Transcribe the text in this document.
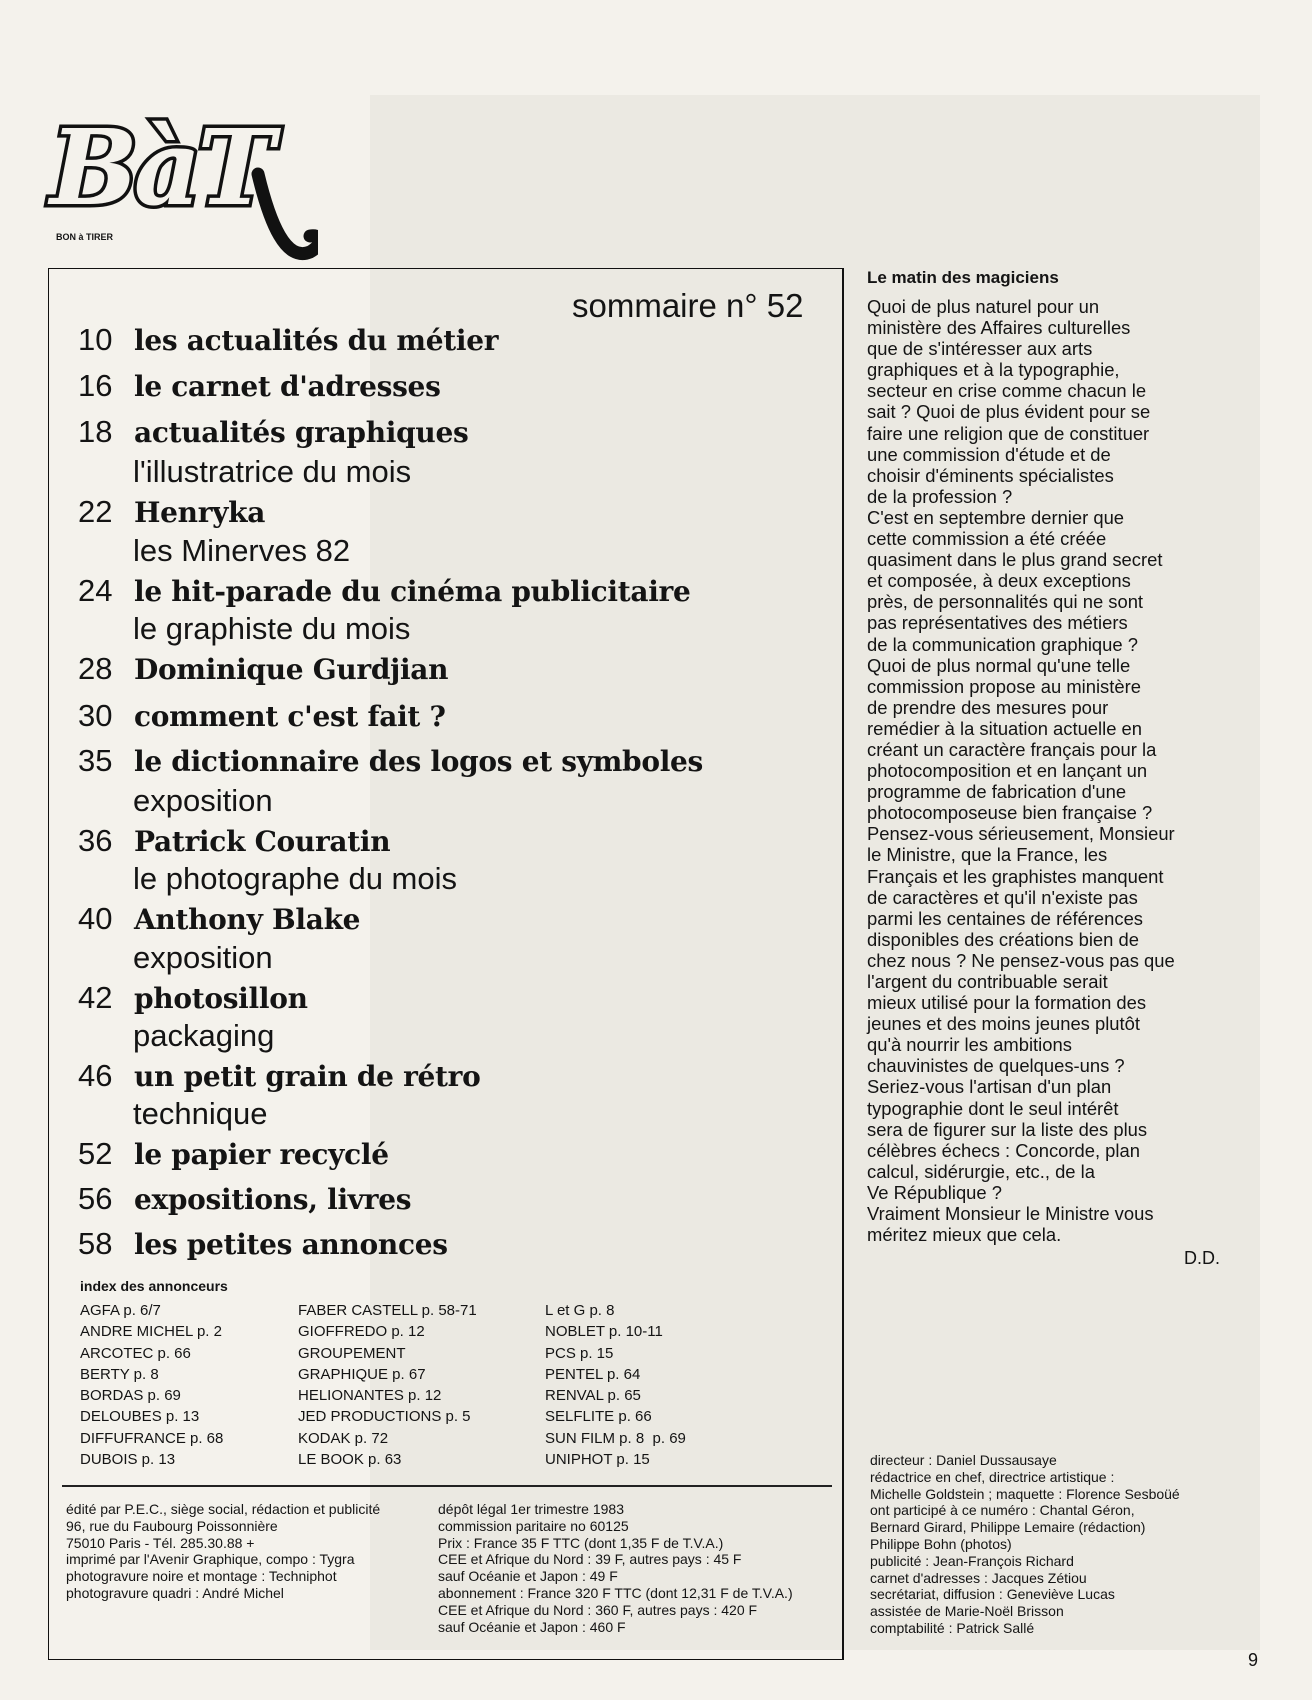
BàT
BON à TIRER
sommaire n° 52
10 les actualités du métier
16 le carnet d'adresses
18 actualités graphiques
l'illustratrice du mois
22 Henryka
les Minerves 82
24 le hit-parade du cinéma publicitaire
le graphiste du mois
28 Dominique Gurdjian
30 comment c'est fait ?
35 le dictionnaire des logos et symboles
exposition
36 Patrick Couratin
le photographe du mois
40 Anthony Blake
exposition
42 photosillon
packaging
46 un petit grain de rétro
technique
52 le papier recyclé
56 expositions, livres
58 les petites annonces
index des annonceurs
AGFA p. 6/7
ANDRE MICHEL p. 2
ARCOTEC p. 66
BERTY p. 8
BORDAS p. 69
DELOUBES p. 13
DIFFUFRANCE p. 68
DUBOIS p. 13
FABER CASTELL p. 58-71
GIOFFREDO p. 12
GROUPEMENT
GRAPHIQUE p. 67
HELIONANTES p. 12
JED PRODUCTIONS p. 5
KODAK p. 72
LE BOOK p. 63
L et G p. 8
NOBLET p. 10-11
PCS p. 15
PENTEL p. 64
RENVAL p. 65
SELFLITE p. 66
SUN FILM p. 8  p. 69
UNIPHOT p. 15
édité par P.E.C., siège social, rédaction et publicité
96, rue du Faubourg Poissonnière
75010 Paris - Tél. 285.30.88 +
imprimé par l'Avenir Graphique, compo : Tygra
photogravure noire et montage : Techniphot
photogravure quadri : André Michel
dépôt légal 1er trimestre 1983
commission paritaire no 60125
Prix : France 35 F TTC (dont 1,35 F de T.V.A.)
CEE et Afrique du Nord : 39 F, autres pays : 45 F
sauf Océanie et Japon : 49 F
abonnement : France 320 F TTC (dont 12,31 F de T.V.A.)
CEE et Afrique du Nord : 360 F, autres pays : 420 F
sauf Océanie et Japon : 460 F
directeur : Daniel Dussausaye
rédactrice en chef, directrice artistique :
Michelle Goldstein ; maquette : Florence Sesboüé
ont participé à ce numéro : Chantal Géron,
Bernard Girard, Philippe Lemaire (rédaction)
Philippe Bohn (photos)
publicité : Jean-François Richard
carnet d'adresses : Jacques Zétiou
secrétariat, diffusion : Geneviève Lucas
assistée de Marie-Noël Brisson
comptabilité : Patrick Sallé
Le matin des magiciens
Quoi de plus naturel pour un
ministère des Affaires culturelles
que de s'intéresser aux arts
graphiques et à la typographie,
secteur en crise comme chacun le
sait ? Quoi de plus évident pour se
faire une religion que de constituer
une commission d'étude et de
choisir d'éminents spécialistes
de la profession ?
C'est en septembre dernier que
cette commission a été créée
quasiment dans le plus grand secret
et composée, à deux exceptions
près, de personnalités qui ne sont
pas représentatives des métiers
de la communication graphique ?
Quoi de plus normal qu'une telle
commission propose au ministère
de prendre des mesures pour
remédier à la situation actuelle en
créant un caractère français pour la
photocomposition et en lançant un
programme de fabrication d'une
photocomposeuse bien française ?
Pensez-vous sérieusement, Monsieur
le Ministre, que la France, les
Français et les graphistes manquent
de caractères et qu'il n'existe pas
parmi les centaines de références
disponibles des créations bien de
chez nous ? Ne pensez-vous pas que
l'argent du contribuable serait
mieux utilisé pour la formation des
jeunes et des moins jeunes plutôt
qu'à nourrir les ambitions
chauvinistes de quelques-uns ?
Seriez-vous l'artisan d'un plan
typographie dont le seul intérêt
sera de figurer sur la liste des plus
célèbres échecs : Concorde, plan
calcul, sidérurgie, etc., de la
Ve République ?
Vraiment Monsieur le Ministre vous
méritez mieux que cela.
D.D.
9
